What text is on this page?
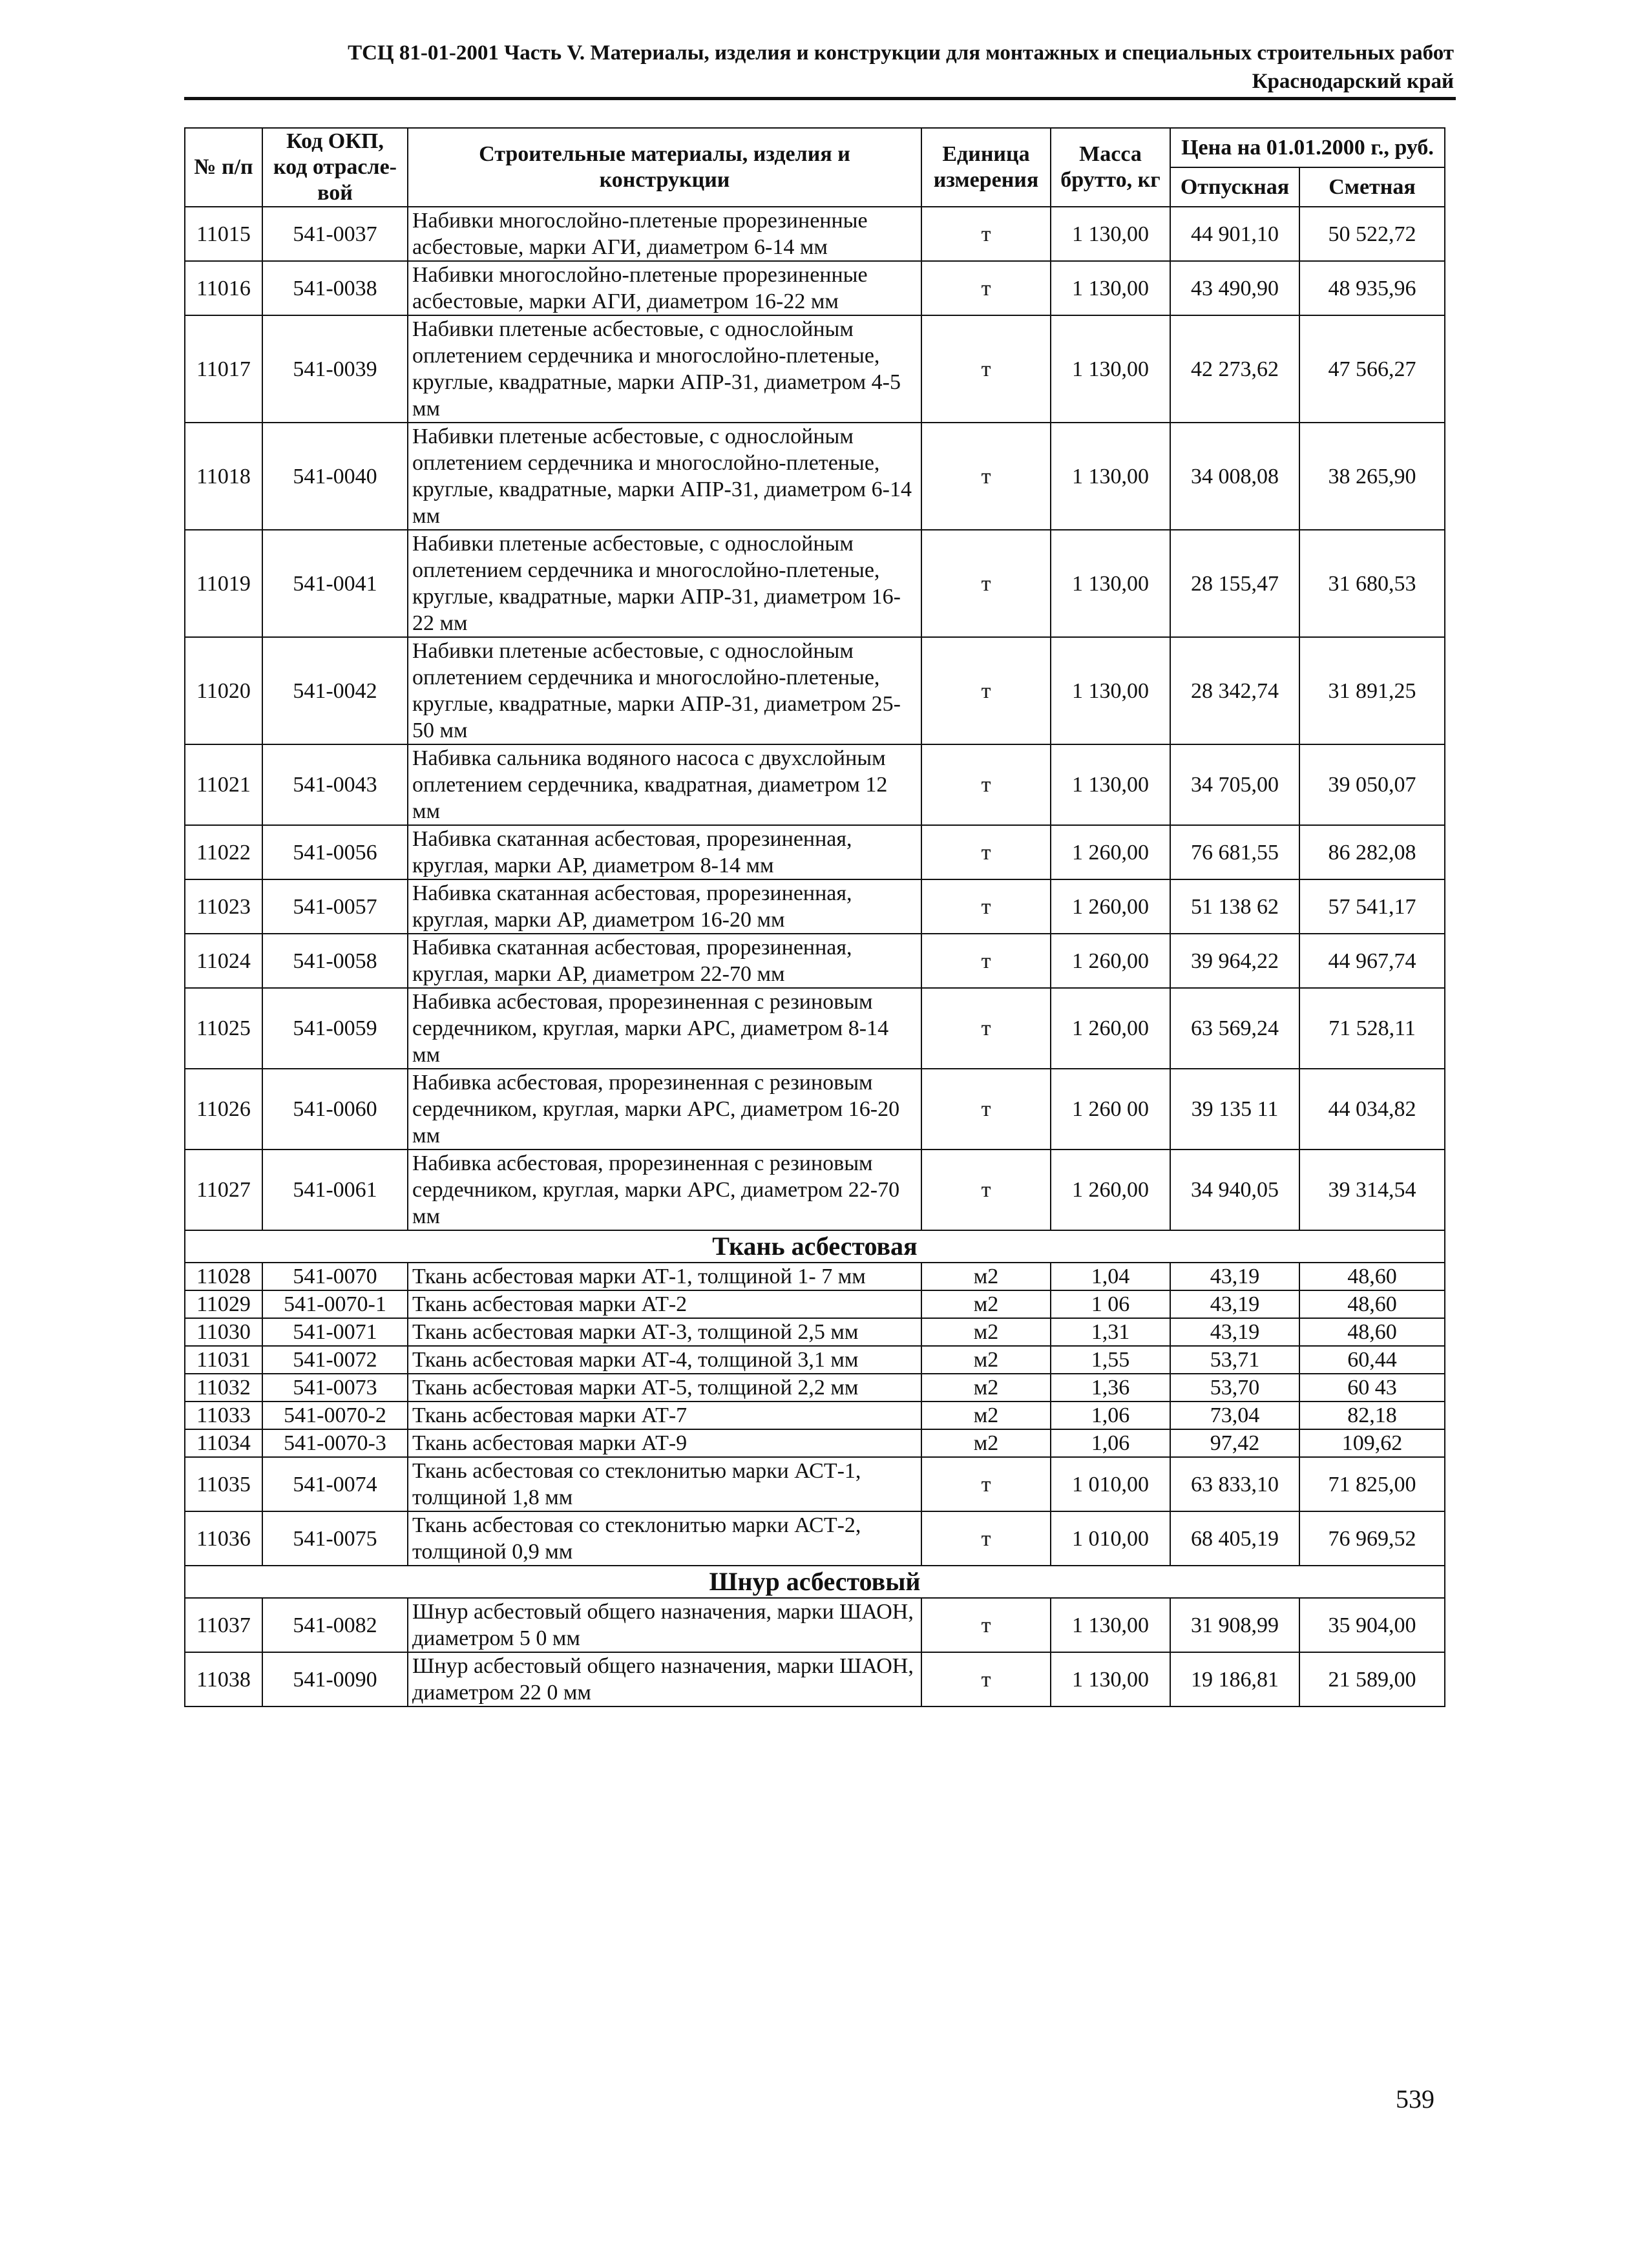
ТСЦ 81-01-2001 Часть V. Материалы, изделия и конструкции для монтажных и специальных строительных работ
Краснодарский край
№ п/п	Код ОКП, код отрасле-вой	Строительные материалы, изделия и конструкции	Единица измерения	Масса брутто, кг	Цена на 01.01.2000 г., руб.	
					Отпускная	Сметная
11015	541-0037	Набивки многослойно-плетеные прорезиненные асбестовые, марки АГИ, диаметром 6-14 мм	т	1 130,00	44 901,10	50 522,72
11016	541-0038	Набивки многослойно-плетеные прорезиненные асбестовые, марки АГИ, диаметром 16-22 мм	т	1 130,00	43 490,90	48 935,96
11017	541-0039	Набивки плетеные асбестовые, с однослойным оплетением сердечника и многослойно-плетеные, круглые, квадратные, марки АПР-31, диаметром 4-5 мм	т	1 130,00	42 273,62	47 566,27
11018	541-0040	Набивки плетеные асбестовые, с однослойным оплетением сердечника и многослойно-плетеные, круглые, квадратные, марки АПР-31, диаметром 6-14 мм	т	1 130,00	34 008,08	38 265,90
11019	541-0041	Набивки плетеные асбестовые, с однослойным оплетением сердечника и многослойно-плетеные, круглые, квадратные, марки АПР-31, диаметром 16-22 мм	т	1 130,00	28 155,47	31 680,53
11020	541-0042	Набивки плетеные асбестовые, с однослойным оплетением сердечника и многослойно-плетеные, круглые, квадратные, марки АПР-31, диаметром 25-50 мм	т	1 130,00	28 342,74	31 891,25
11021	541-0043	Набивка сальника водяного насоса с двухслойным оплетением сердечника, квадратная, диаметром 12 мм	т	1 130,00	34 705,00	39 050,07
11022	541-0056	Набивка скатанная асбестовая, прорезиненная, круглая, марки АР, диаметром 8-14 мм	т	1 260,00	76 681,55	86 282,08
11023	541-0057	Набивка скатанная асбестовая, прорезиненная, круглая, марки АР, диаметром 16-20 мм	т	1 260,00	51 138 62	57 541,17
11024	541-0058	Набивка скатанная асбестовая, прорезиненная, круглая, марки АР, диаметром 22-70 мм	т	1 260,00	39 964,22	44 967,74
11025	541-0059	Набивка асбестовая, прорезиненная с резиновым сердечником, круглая, марки АРС, диаметром 8-14 мм	т	1 260,00	63 569,24	71 528,11
11026	541-0060	Набивка асбестовая, прорезиненная с резиновым сердечником, круглая, марки АРС, диаметром 16-20 мм	т	1 260 00	39 135 11	44 034,82
11027	541-0061	Набивка асбестовая, прорезиненная с резиновым сердечником, круглая, марки АРС, диаметром 22-70 мм	т	1 260,00	34 940,05	39 314,54
Ткань асбестовая						
11028	541-0070	Ткань асбестовая марки АТ-1, толщиной 1- 7 мм	м2	1,04	43,19	48,60
11029	541-0070-1	Ткань асбестовая марки АТ-2	м2	1 06	43,19	48,60
11030	541-0071	Ткань асбестовая марки АТ-3, толщиной 2,5 мм	м2	1,31	43,19	48,60
11031	541-0072	Ткань асбестовая марки АТ-4, толщиной 3,1 мм	м2	1,55	53,71	60,44
11032	541-0073	Ткань асбестовая марки АТ-5, толщиной 2,2 мм	м2	1,36	53,70	60 43
11033	541-0070-2	Ткань асбестовая марки АТ-7	м2	1,06	73,04	82,18
11034	541-0070-3	Ткань асбестовая марки АТ-9	м2	1,06	97,42	109,62
11035	541-0074	Ткань асбестовая со стеклонитью марки АСТ-1, толщиной 1,8 мм	т	1 010,00	63 833,10	71 825,00
11036	541-0075	Ткань асбестовая со стеклонитью марки АСТ-2, толщиной 0,9 мм	т	1 010,00	68 405,19	76 969,52
Шнур асбестовый						
11037	541-0082	Шнур асбестовый общего назначения, марки ШАОН, диаметром 5 0 мм	т	1 130,00	31 908,99	35 904,00
11038	541-0090	Шнур асбестовый общего назначения, марки ШАОН, диаметром 22 0 мм	т	1 130,00	19 186,81	21 589,00
539
